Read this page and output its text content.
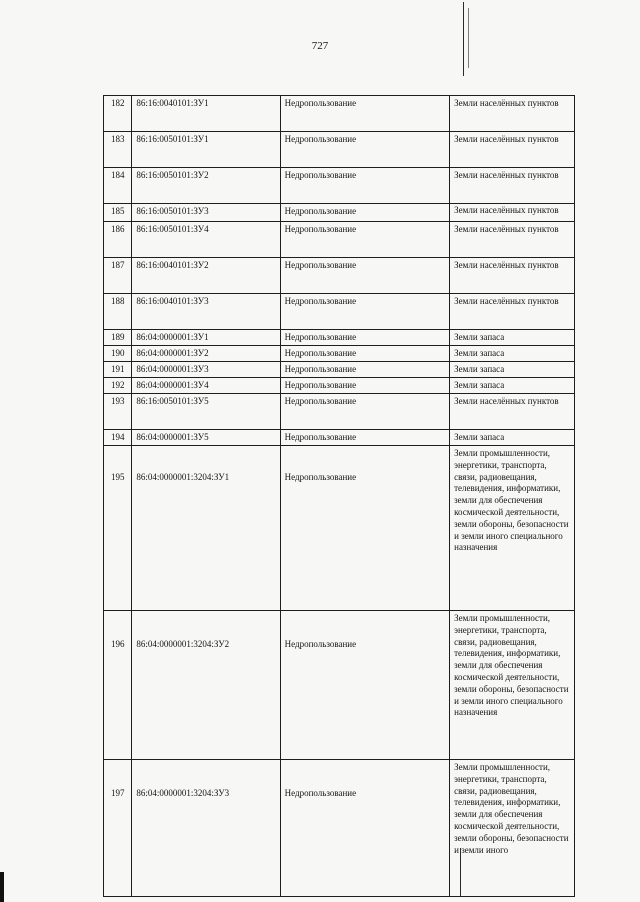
727
182	86:16:0040101:ЗУ1	Недропользование	Земли населённых пунктов
183	86:16:0050101:ЗУ1	Недропользование	Земли населённых пунктов
184	86:16:0050101:ЗУ2	Недропользование	Земли населённых пунктов
185	86:16:0050101:ЗУ3	Недропользование	Земли населённых пунктов
186	86:16:0050101:ЗУ4	Недропользование	Земли населённых пунктов
187	86:16:0040101:ЗУ2	Недропользование	Земли населённых пунктов
188	86:16:0040101:ЗУ3	Недропользование	Земли населённых пунктов
189	86:04:0000001:ЗУ1	Недропользование	Земли запаса
190	86:04:0000001:ЗУ2	Недропользование	Земли запаса
191	86:04:0000001:ЗУ3	Недропользование	Земли запаса
192	86:04:0000001:ЗУ4	Недропользование	Земли запаса
193	86:16:0050101:ЗУ5	Недропользование	Земли населённых пунктов
194	86:04:0000001:ЗУ5	Недропользование	Земли запаса
195	86:04:0000001:3204:ЗУ1	Недропользование	Земли промышленности, энергетики, транспорта, связи, радиовещания, телевидения, информатики, земли для обеспечения космической деятельности, земли обороны, безопасности и земли иного специального назначения
196	86:04:0000001:3204:ЗУ2	Недропользование	Земли промышленности, энергетики, транспорта, связи, радиовещания, телевидения, информатики, земли для обеспечения космической деятельности, земли обороны, безопасности и земли иного специального назначения
197	86:04:0000001:3204:ЗУ3	Недропользование	Земли промышленности, энергетики, транспорта, связи, радиовещания, телевидения, информатики, земли для обеспечения космической деятельности, земли обороны, безопасности и земли иного
